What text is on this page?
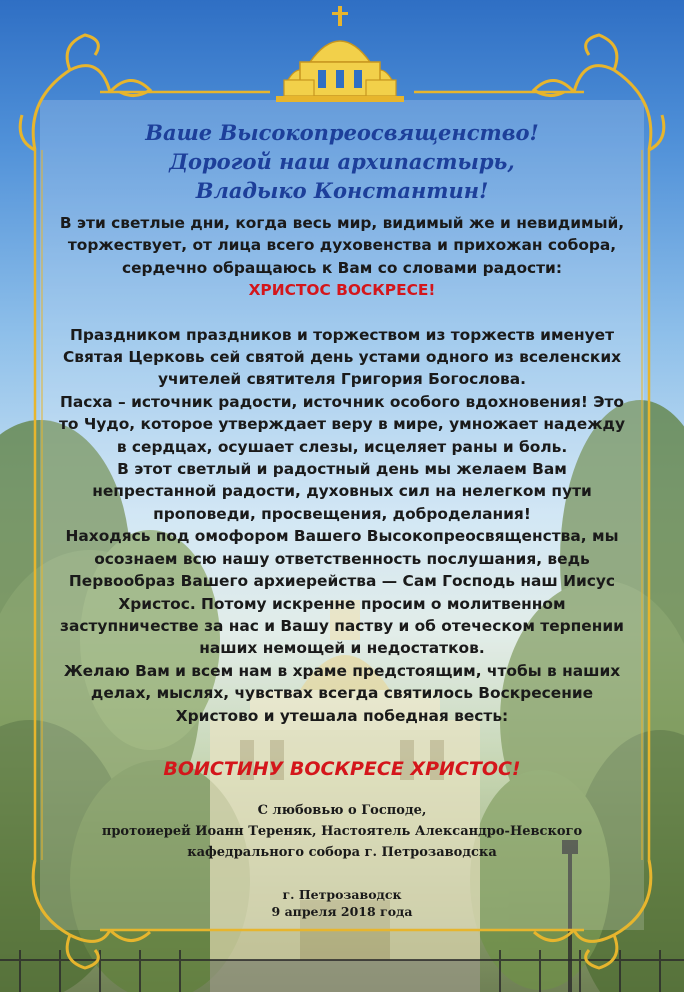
Ваше Высокопреосвященство!
Дорогой наш архипастырь,
Владыко Константин!
В эти светлые дни, когда весь мир, видимый же и невидимый,
торжествует, от лица всего духовенства и прихожан собора,
сердечно обращаюсь к Вам со словами радости:
ХРИСТОС ВОСКРЕСЕ!
Праздником праздников и торжеством из торжеств именует
Святая Церковь сей святой день устами одного из вселенских
учителей святителя Григория Богослова.
Пасха – источник радости, источник особого вдохновения! Это
то Чудо, которое утверждает веру в мире, умножает надежду
в сердцах, осушает слезы, исцеляет раны и боль.
В этот светлый и радостный день мы желаем Вам
непрестанной радости, духовных сил на нелегком пути
проповеди, просвещения, доброделания!
Находясь под омофором Вашего Высокопреосвященства, мы
осознаем всю нашу ответственность послушания, ведь
Первообраз Вашего архиерейства — Сам Господь наш Иисус
Христос. Потому искренне просим о молитвенном
заступничестве за нас и Вашу паству и об отеческом терпении
наших немощей и недостатков.
Желаю Вам и всем нам в храме предстоящим, чтобы в наших
делах, мыслях, чувствах всегда святилось Воскресение
Христово и утешала победная весть:
ВОИСТИНУ ВОСКРЕСЕ ХРИСТОС!
С любовью о Господе,
протоиерей Иоанн Тереняк, Настоятель Александро-Невского
кафедрального собора г. Петрозаводска
г. Петрозаводск
9 апреля 2018 года
